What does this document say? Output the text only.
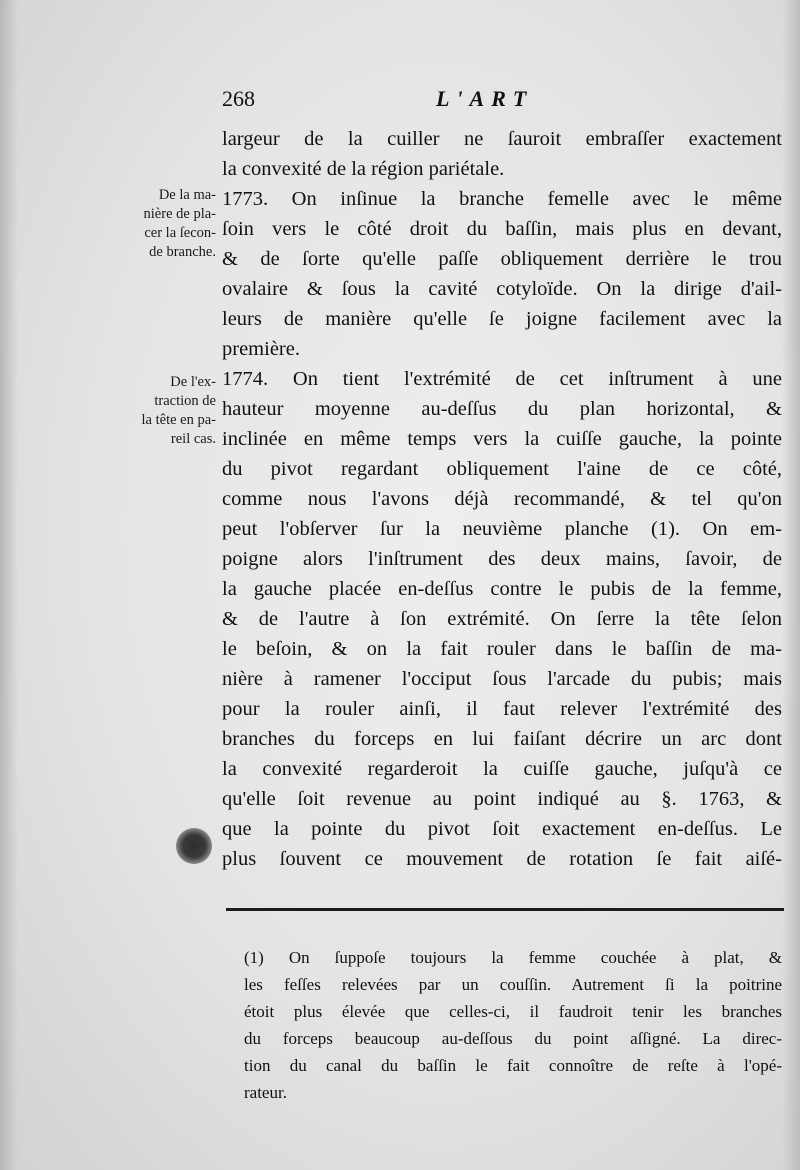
268	L'ART

De la ma-
nière de pla-
cer la ſecon-
de branche.

De l'ex-
traction de
la tête en pa-
reil cas.

largeur de la cuiller ne ſauroit embraſſer exactement
la convexité de la région pariétale.
1773. On inſinue la branche femelle avec le même
ſoin vers le côté droit du baſſin, mais plus en devant,
& de ſorte qu'elle paſſe obliquement derrière le trou
ovalaire & ſous la cavité cotyloïde. On la dirige d'ail-
leurs de manière qu'elle ſe joigne facilement avec la
première.
1774. On tient l'extrémité de cet inſtrument à une
hauteur moyenne au-deſſus du plan horizontal, &
inclinée en même temps vers la cuiſſe gauche, la pointe
du pivot regardant obliquement l'aine de ce côté,
comme nous l'avons déjà recommandé, & tel qu'on
peut l'obſerver ſur la neuvième planche (1). On em-
poigne alors l'inſtrument des deux mains, ſavoir, de
la gauche placée en-deſſus contre le pubis de la femme,
& de l'autre à ſon extrémité. On ſerre la tête ſelon
le beſoin, & on la fait rouler dans le baſſin de ma-
nière à ramener l'occiput ſous l'arcade du pubis; mais
pour la rouler ainſi, il faut relever l'extrémité des
branches du forceps en lui faiſant décrire un arc dont
la convexité regarderoit la cuiſſe gauche, juſqu'à ce
qu'elle ſoit revenue au point indiqué au §. 1763, &
que la pointe du pivot ſoit exactement en-deſſus. Le
plus ſouvent ce mouvement de rotation ſe fait aiſé-
(1) On ſuppoſe toujours la femme couchée à plat, &
les feſſes relevées par un couſſin. Autrement ſi la poitrine
étoit plus élevée que celles-ci, il faudroit tenir les branches
du forceps beaucoup au-deſſous du point aſſigné. La direc-
tion du canal du baſſin le fait connoître de reſte à l'opé-
rateur.
